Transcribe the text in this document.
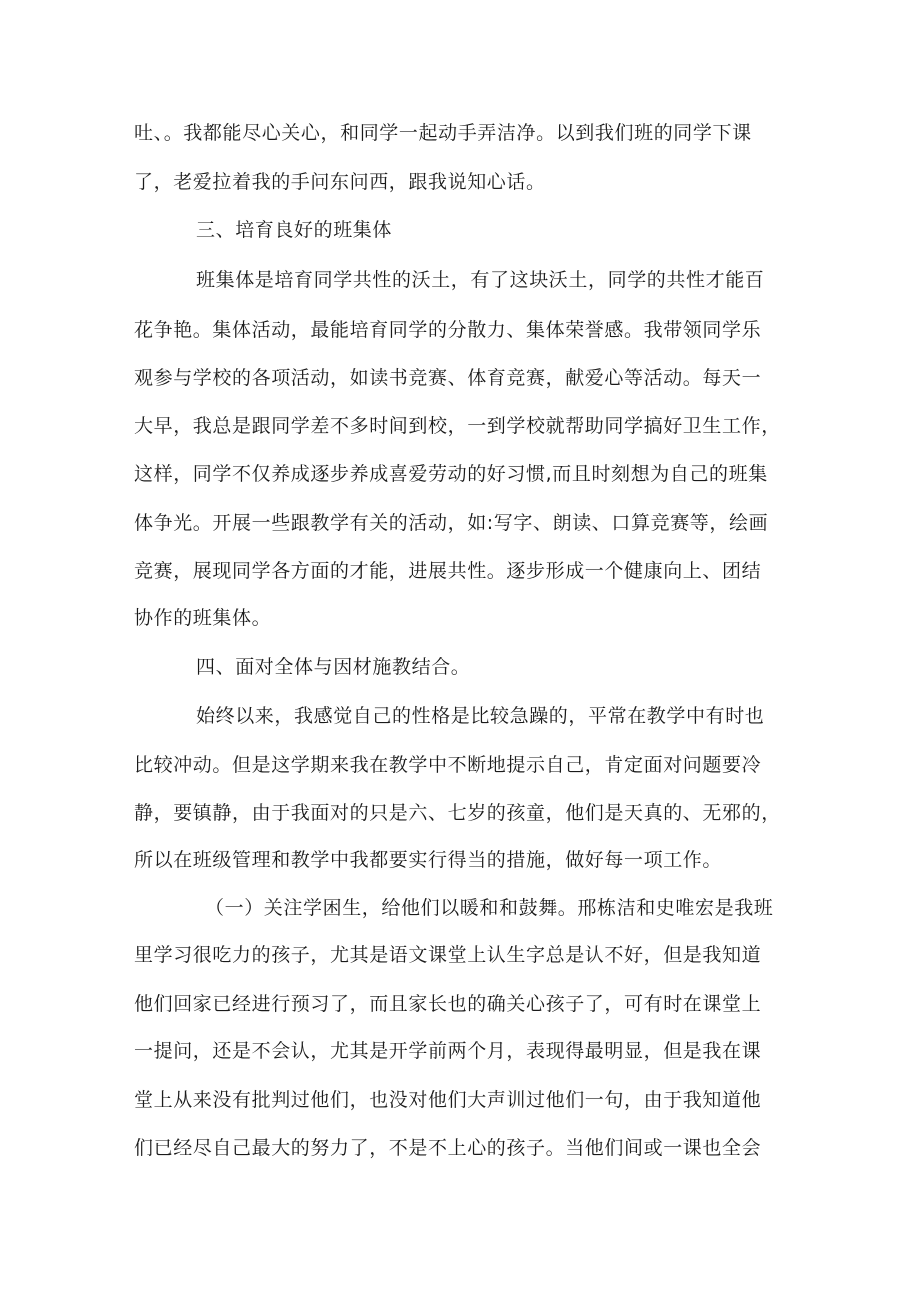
吐、。我都能尽心关心，和同学一起动手弄洁净。以到我们班的同学下课
了，老爱拉着我的手问东问西，跟我说知心话。
三、培育良好的班集体
班集体是培育同学共性的沃土，有了这块沃土，同学的共性才能百
花争艳。集体活动，最能培育同学的分散力、集体荣誉感。我带领同学乐
观参与学校的各项活动，如读书竞赛、体育竞赛，献爱心等活动。每天一
大早，我总是跟同学差不多时间到校，一到学校就帮助同学搞好卫生工作，
这样，同学不仅养成逐步养成喜爱劳动的好习惯,而且时刻想为自己的班集
体争光。开展一些跟教学有关的活动，如:写字、朗读、口算竞赛等，绘画
竞赛，展现同学各方面的才能，进展共性。逐步形成一个健康向上、团结
协作的班集体。
四、面对全体与因材施教结合。
始终以来，我感觉自己的性格是比较急躁的，平常在教学中有时也
比较冲动。但是这学期来我在教学中不断地提示自己，肯定面对问题要冷
静，要镇静，由于我面对的只是六、七岁的孩童，他们是天真的、无邪的，
所以在班级管理和教学中我都要实行得当的措施，做好每一项工作。
（一）关注学困生，给他们以暖和和鼓舞。邢栋洁和史唯宏是我班
里学习很吃力的孩子，尤其是语文课堂上认生字总是认不好，但是我知道
他们回家已经进行预习了，而且家长也的确关心孩子了，可有时在课堂上
一提问，还是不会认，尤其是开学前两个月，表现得最明显，但是我在课
堂上从来没有批判过他们，也没对他们大声训过他们一句，由于我知道他
们已经尽自己最大的努力了，不是不上心的孩子。当他们间或一课也全会
